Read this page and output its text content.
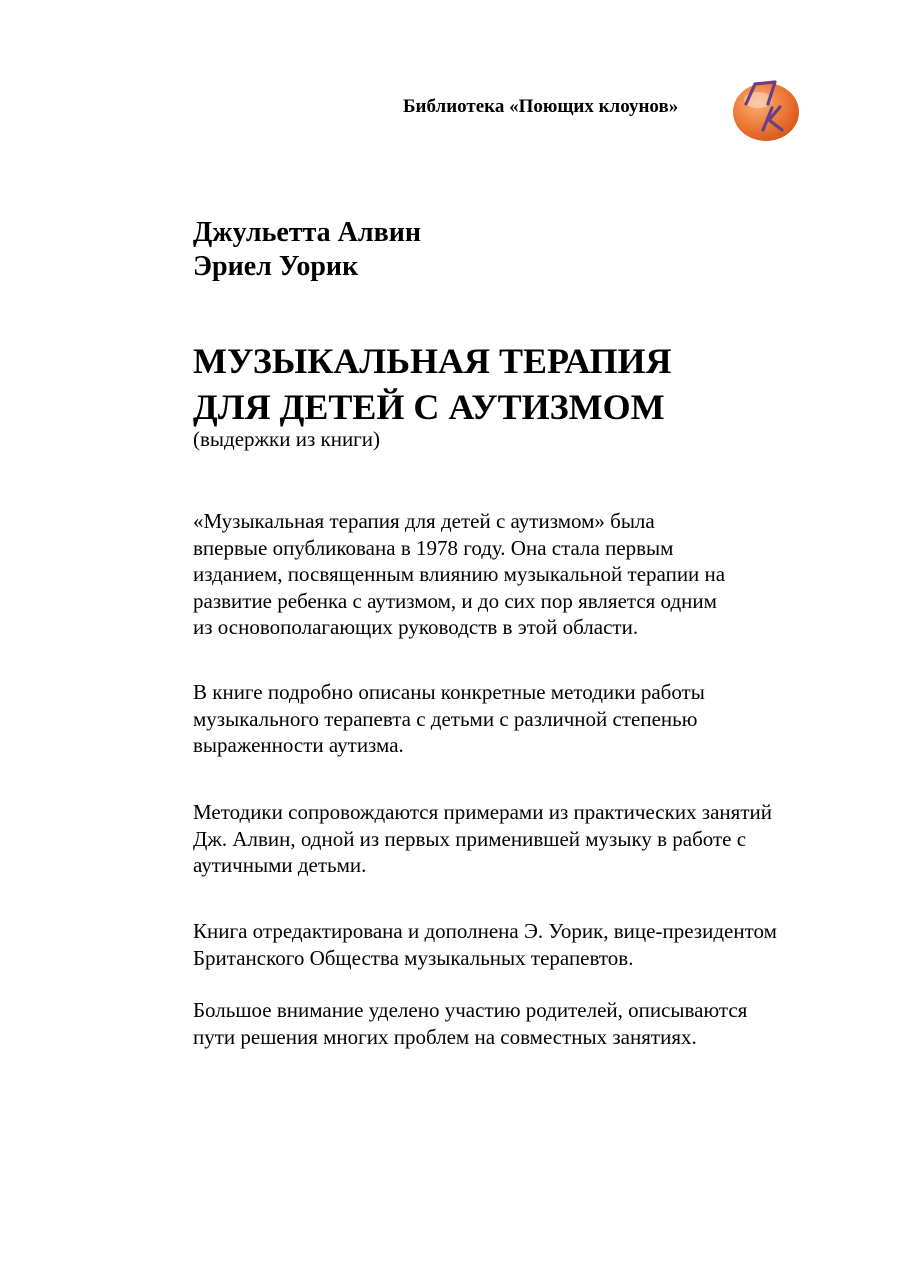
Библиотека «Поющих клоунов»
Джульетта Алвин
Эриел Уорик
МУЗЫКАЛЬНАЯ ТЕРАПИЯ
ДЛЯ ДЕТЕЙ С АУТИЗМОМ
(выдержки из книги)
«Музыкальная терапия для детей с аутизмом» была
впервые опубликована в 1978 году. Она стала первым
изданием, посвященным влиянию музыкальной терапии на
развитие ребенка с аутизмом, и до сих пор является одним
из основополагающих руководств в этой области.
В книге подробно описаны конкретные методики работы
музыкального терапевта с детьми с различной степенью
выраженности аутизма.
Методики сопровождаются примерами из практических занятий
Дж. Алвин, одной из первых применившей музыку в работе с
аутичными детьми.
Книга отредактирована и дополнена Э. Уорик, вице-президентом
Британского Общества музыкальных терапевтов.
Большое внимание уделено участию родителей, описываются
пути решения многих проблем на совместных занятиях.
